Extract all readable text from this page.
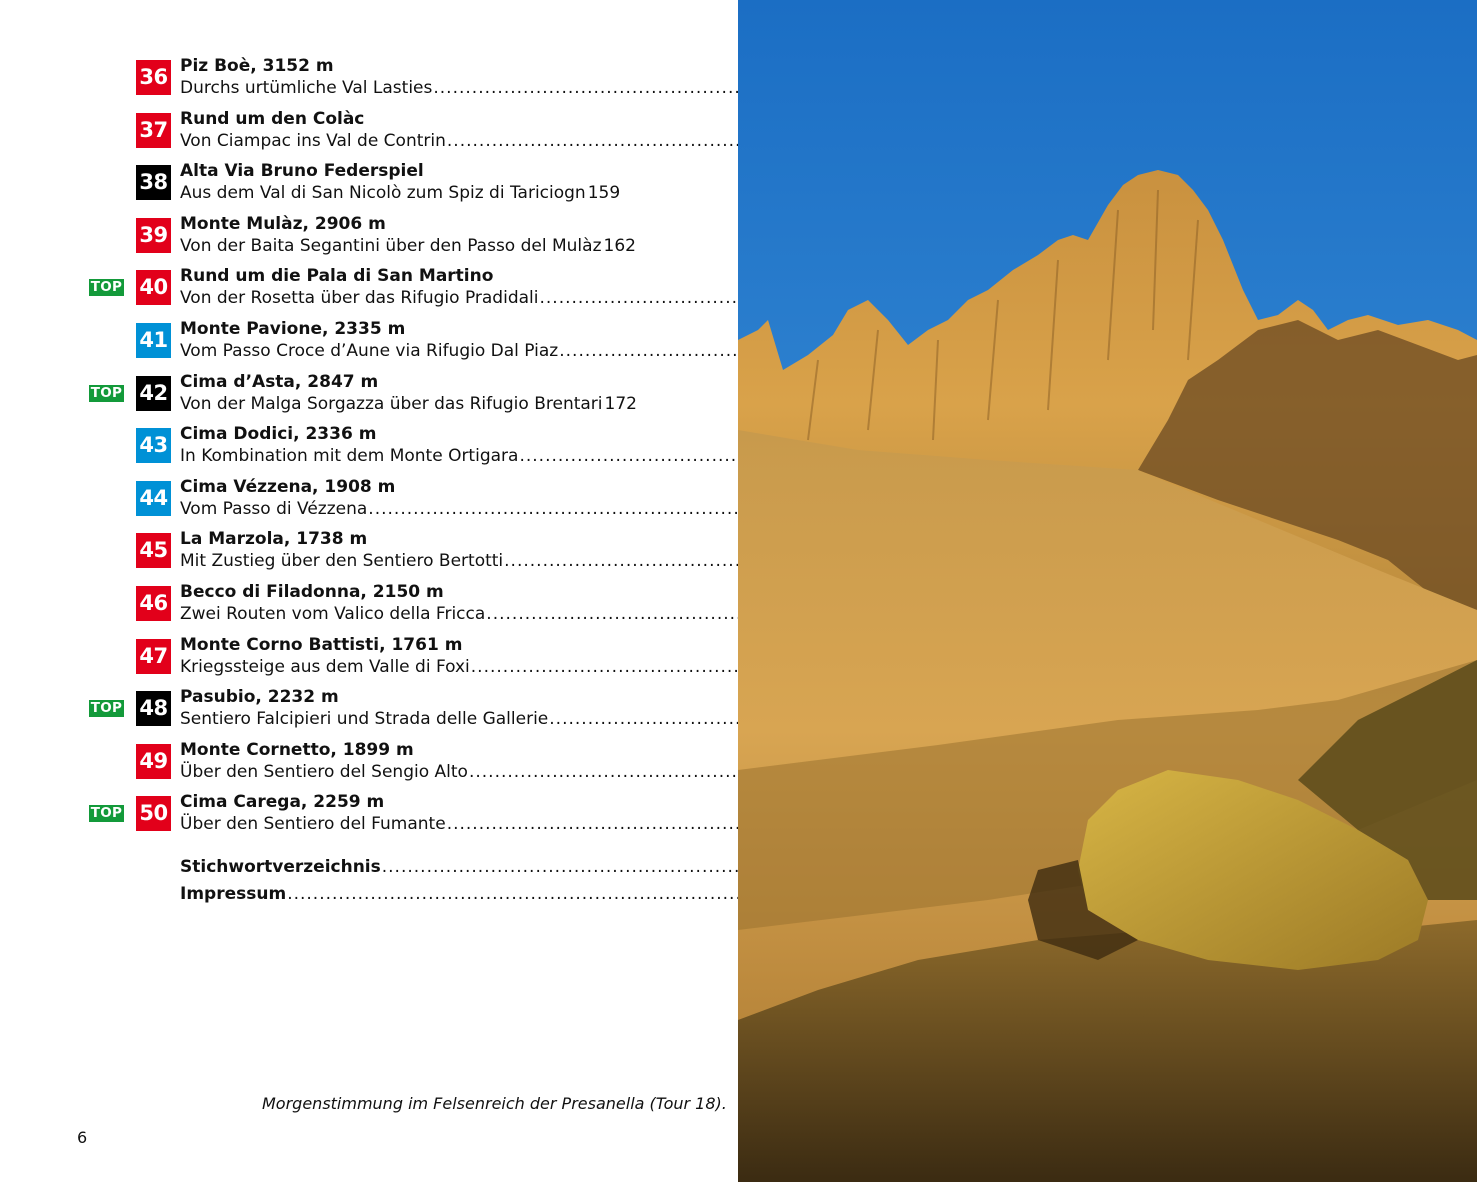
36 Piz Boè, 3152 m
Durchs urtümliche Val Lasties
.....
37 Rund um den Colàc
Von Ciampac ins Val de Contrin
.....
38 Alta Via Bruno Federspiel
Aus dem Val di San Nicolò zum Spiz di Tariciogn ..... 159
39 Monte Mulàz, 2906 m
Von der Baita Segantini über den Passo del Mulàz ..... 162
TOP 40 Rund um die Pala di San Martino
Von der Rosetta über das Rifugio Pradidali
.....
41 Monte Pavione, 2335 m
Vom Passo Croce d’Aune via Rifugio Dal Piaz
.....
TOP 42 Cima d’Asta, 2847 m
Von der Malga Sorgazza über das Rifugio Brentari ..... 172
43 Cima Dodici, 2336 m
In Kombination mit dem Monte Ortigara
.....
44 Cima Vézzena, 1908 m
Vom Passo di Vézzena
.....
45 La Marzola, 1738 m
Mit Zustieg über den Sentiero Bertotti
.....
46 Becco di Filadonna, 2150 m
Zwei Routen vom Valico della Fricca
.....
47 Monte Corno Battisti, 1761 m
Kriegssteige aus dem Valle di Foxi
.....
TOP 48 Pasubio, 2232 m
Sentiero Falcipieri und Strada delle Gallerie
.....
49 Monte Cornetto, 1899 m
Über den Sentiero del Sengio Alto
.....
TOP 50 Cima Carega, 2259 m
Über den Sentiero del Fumante
.....
Stichwortverzeichnis
.....
Impressum
.....
Morgenstimmung im Felsenreich der Presanella (Tour 18).
6
